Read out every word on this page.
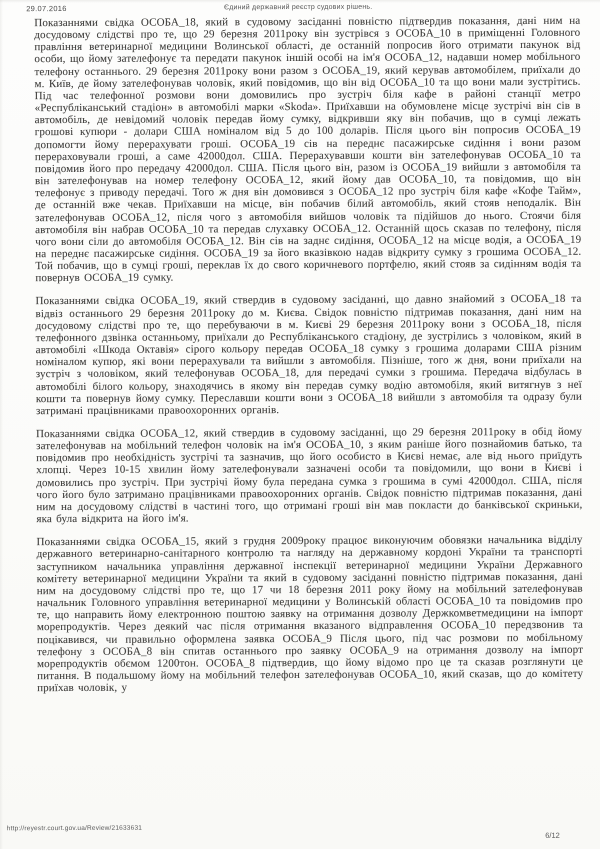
29.07.2016	Єдиний державний реєстр судових рішень.

Показаннями свідка ОСОБА_18, який в судовому засіданні повністю підтвердив показання, дані ним на досудовому слідстві про те, що 29 березня 2011року він зустрівся з ОСОБА_10 в приміщенні Головного правління ветеринарної медицини Волинської області, де останній попросив його отримати пакунок від особи, що йому зателефонує та передати пакунок іншій особі на ім'я ОСОБА_12, надавши номер мобільного телефону останнього. 29 березня 2011року вони разом з ОСОБА_19, який керував автомобілем, приїхали до м. Київ, де йому зателефонував чоловік, який повідомив, що він від ОСОБА_10 та що вони мали зустрітись. Під час телефонної розмови вони домовились про зустріч біля кафе в районі станції метро «Республіканський стадіон» в автомобілі марки «Skoda». Приїхавши на обумовлене місце зустрічі він сів в автомобіль, де невідомий чоловік передав йому сумку, відкривши яку він побачив, що в сумці лежать грошові купюри - долари США номіналом від 5 до 100 доларів. Після цього він попросив ОСОБА_19 допомогти йому перерахувати гроші. ОСОБА_19 сів на переднє пасажирське сидіння і вони разом перераховували гроші, а саме 42000дол. США. Перерахувавши кошти він зателефонував ОСОБА_10 та повідомив його про передачу 42000дол. США. Після цього він, разом із ОСОБА_19 вийшли з автомобіля та він зателефонував на номер телефону ОСОБА_12, який йому дав ОСОБА_10, та повідомив, що він телефонує з приводу передачі. Того ж дня він домовився з ОСОБА_12 про зустріч біля кафе «Кофе Тайм», де останній вже чекав. Приїхавши на місце, він побачив білий автомобіль, який стояв неподалік. Він зателефонував ОСОБА_12, після чого з автомобіля вийшов чоловік та підійшов до нього. Стоячи біля автомобіля він набрав ОСОБА_10 та передав слухавку ОСОБА_12. Останній щось сказав по телефону, після чого вони сіли до автомобіля ОСОБА_12. Він сів на заднє сидіння, ОСОБА_12 на місце водія, а ОСОБА_19 на переднє пасажирське сидіння. ОСОБА_19 за його вказівкою надав відкриту сумку з грошима ОСОБА_12. Той побачив, що в сумці гроші, переклав їх до свого коричневого портфелю, який стояв за сидінням водія та повернув ОСОБА_19 сумку.

Показаннями свідка ОСОБА_19, який ствердив в судовому засіданні, що давно знайомий з ОСОБА_18 та відвіз останнього 29 березня 2011року до м. Києва. Свідок повністю підтримав показання, дані ним на досудовому слідстві про те, що перебуваючи в м. Києві 29 березня 2011року вони з ОСОБА_18, після телефонного дзвінка останньому, приїхали до Республіканського стадіону, де зустрілись з чоловіком, який в автомобілі «Шкода Октавія» сірого кольору передав ОСОБА_18 сумку з грошима доларами США різним номіналом купюр, які вони перерахували та вийшли з автомобіля. Пізніше, того ж дня, вони приїхали на зустріч з чоловіком, який телефонував ОСОБА_18, для передачі сумки з грошима. Передача відбулась в автомобілі білого кольору, знаходячись в якому він передав сумку водію автомобіля, який витягнув з неї кошти та повернув йому сумку. Переславши кошти вони з ОСОБА_18 вийшли з автомобіля та одразу були затримані працівниками правоохоронних органів.

Показаннями свідка ОСОБА_12, який ствердив в судовому засіданні, що 29 березня 2011року в обід йому зателефонував на мобільний телефон чоловік на ім'я ОСОБА_10, з яким раніше його познайомив батько, та повідомив про необхідність зустрічі та зазначив, що його особисто в Києві немає, але від нього приїдуть хлопці. Через 10-15 хвилин йому зателефонували зазначені особи та повідомили, що вони в Києві і домовились про зустріч. При зустрічі йому була передана сумка з грошима в сумі 42000дол. США, після чого його було затримано працівниками правоохоронних органів. Свідок повністю підтримав показання, дані ним на досудовому слідстві в частині того, що отримані гроші він мав покласти до банківської скриньки, яка була відкрита на його ім'я.

Показаннями свідка ОСОБА_15, який з грудня 2009року працює виконуючим обовязки начальника відділу державного ветеринарно-санітарного контролю та нагляду на державному кордоні України та транспорті заступником начальника управління державної інспекції ветеринарної медицини України Державного комітету ветеринарної медицини України та який в судовому засіданні повністю підтримав показання, дані ним на досудовому слідстві про те, що 17 чи 18 березня 2011 року йому на мобільний зателефонував начальник Головного управління ветеринарної медицини у Волинській області ОСОБА_10 та повідомив про те, що направить йому електронною поштою заявку на отримання дозволу Держкомветмедицини на імпорт морепродуктів. Через деякий час після отримання вказаного відправлення ОСОБА_10 передзвонив та поцікавився, чи правильно оформлена заявка ОСОБА_9 Після цього, під час розмови по мобільному телефону з ОСОБА_8 він спитав останнього про заявку ОСОБА_9 на отримання дозволу на імпорт морепродуктів обємом 1200тон. ОСОБА_8 підтвердив, що йому відомо про це та сказав розглянути це питання. В подальшому йому на мобільний телефон зателефонував ОСОБА_10, який сказав, що до комітету приїхав чоловік, у

http://reyestr.court.gov.ua/Review/21633631
6/12
